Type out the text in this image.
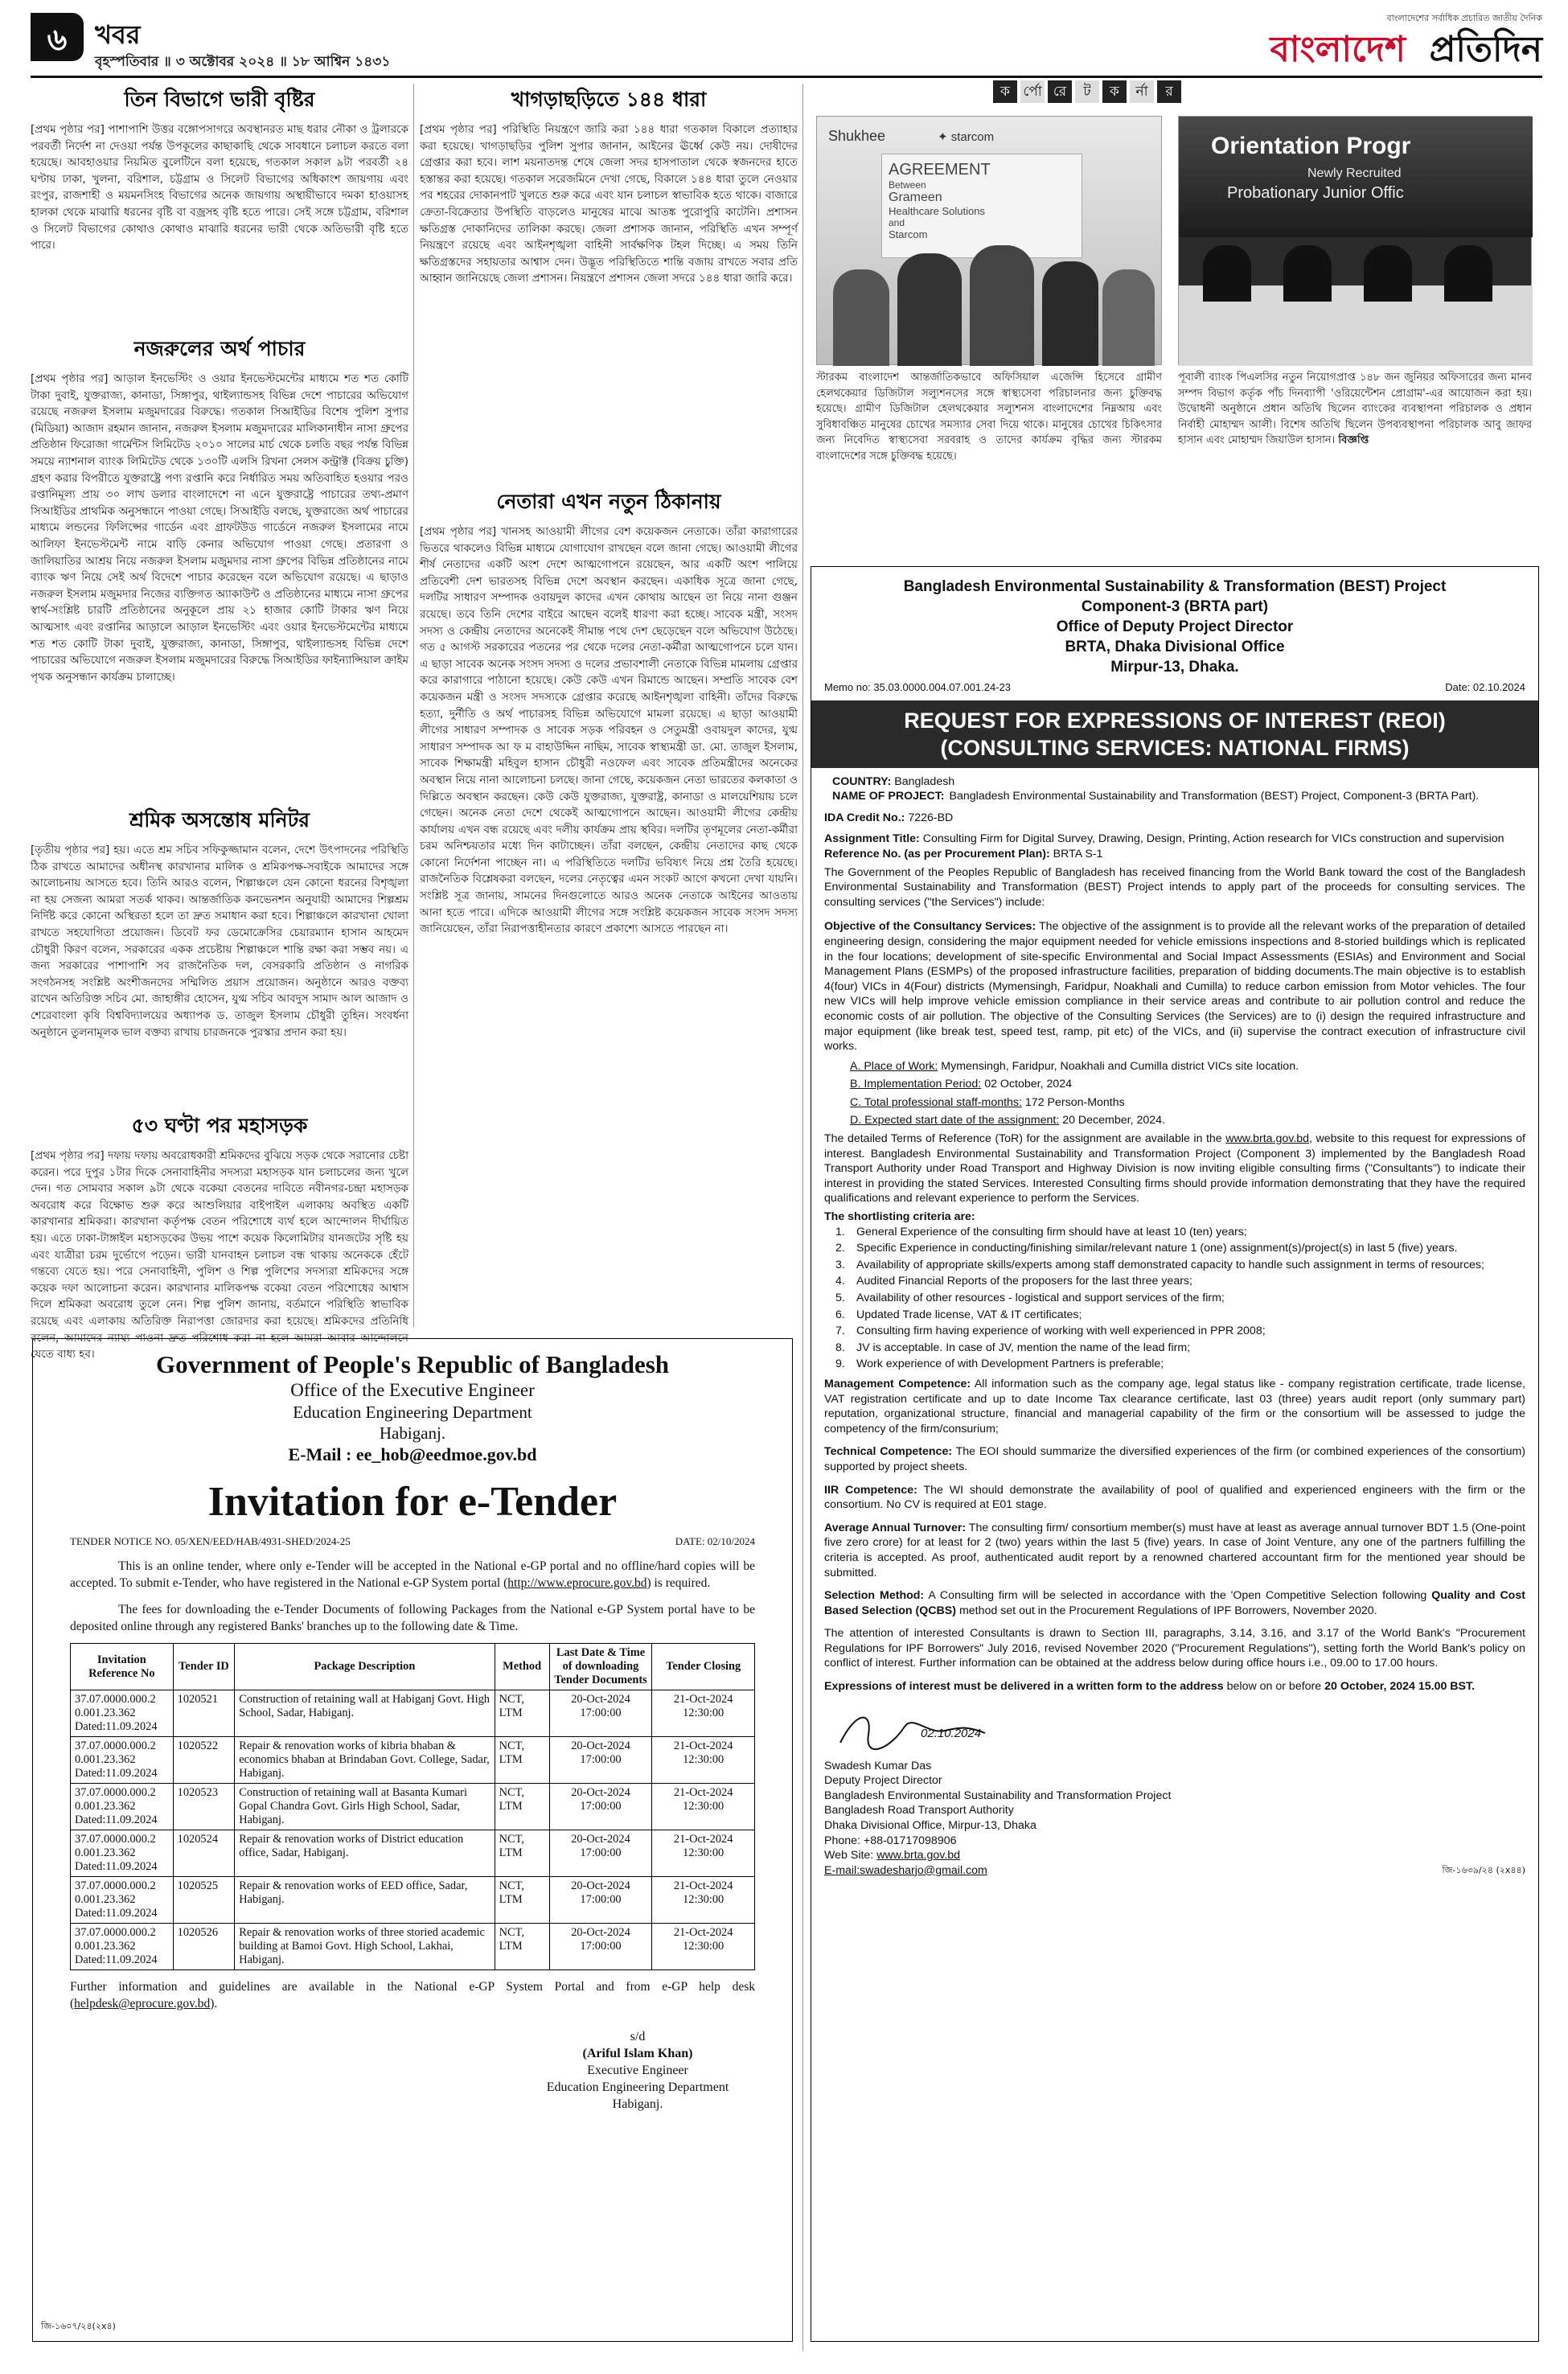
৬	খবর
বৃহস্পতিবার ॥ ৩ অক্টোবর ২০২৪ ॥ ১৮ আশ্বিন ১৪৩১
বাংলাদেশের সর্বাধিক প্রচারিত জাতীয় দৈনিক
বাংলাদেশ প্রতিদিন
তিন বিভাগে ভারী বৃষ্টির

[প্রথম পৃষ্ঠার পর] পাশাপাশি উত্তর বঙ্গোপসাগরে অবস্থানরত মাছ ধরার নৌকা ও ট্রলারকে পরবর্তী নির্দেশ না দেওয়া পর্যন্ত উপকূলের কাছাকাছি থেকে সাবধানে চলাচল করতে বলা হয়েছে। আবহাওয়ার নিয়মিত বুলেটিনে বলা হয়েছে, গতকাল সকাল ৯টা পরবর্তী ২৪ ঘণ্টায় ঢাকা, খুলনা, বরিশাল, চট্টগ্রাম ও সিলেট বিভাগের অধিকাংশ জায়গায় এবং রংপুর, রাজশাহী ও ময়মনসিংহ বিভাগের অনেক জায়গায় অস্থায়ীভাবে দমকা হাওয়াসহ হালকা থেকে মাঝারি ধরনের বৃষ্টি বা বজ্রসহ বৃষ্টি হতে পারে। সেই সঙ্গে চট্টগ্রাম, বরিশাল ও সিলেট বিভাগের কোথাও কোথাও মাঝারি ধরনের ভারী থেকে অতিভারী বৃষ্টি হতে পারে।

নজরুলের অর্থ পাচার

[প্রথম পৃষ্ঠার পর] আড়াল ইনভেস্টিং ও ওয়ার ইনভেস্টমেন্টের মাধ্যমে শত শত কোটি টাকা দুবাই, যুক্তরাজ্য, কানাডা, সিঙ্গাপুর, থাইল্যান্ডসহ বিভিন্ন দেশে পাচারের অভিযোগ রয়েছে নজরুল ইসলাম মজুমদারের বিরুদ্ধে। গতকাল সিআইডির বিশেষ পুলিশ সুপার (মিডিয়া) আজাদ রহমান জানান, নজরুল ইসলাম মজুমদারের মালিকানাধীন নাসা গ্রুপের প্রতিষ্ঠান ফিরোজা গার্মেন্টস লিমিটেড ২০১০ সালের মার্চ থেকে চলতি বছর পর্যন্ত বিভিন্ন সময়ে ন্যাশনাল ব্যাংক লিমিটেড থেকে ১৩০টি এলসি রিখনা সেলস কন্ট্রাক্ট (বিক্রয় চুক্তি) গ্রহণ করার বিপরীতে যুক্তরাষ্ট্রে পণ্য রপ্তানি করে নির্ধারিত সময় অতিবাহিত হওয়ার পরও রপ্তানিমূল্য প্রায় ৩০ লাখ ডলার বাংলাদেশে না এনে যুক্তরাষ্ট্রে পাচারের তথ্য-প্রমাণ সিআইডির প্রাথমিক অনুসন্ধানে পাওয়া গেছে। সিআইডি বলছে, যুক্তরাজ্যে অর্থ পাচারের মাধ্যমে লন্ডনের ফিলিপ্সের গার্ডেন এবং গ্রাফটউড গার্ডেনে নজরুল ইসলামের নামে আলিফা ইনভেস্টমেন্ট নামে বাড়ি কেনার অভিযোগ পাওয়া গেছে। প্রতারণা ও জালিয়াতির আশ্রয় নিয়ে নজরুল ইসলাম মজুমদার নাসা গ্রুপের বিভিন্ন প্রতিষ্ঠানের নামে ব্যাংক ঋণ নিয়ে সেই অর্থ বিদেশে পাচার করেছেন বলে অভিযোগ রয়েছে। এ ছাড়াও নজরুল ইসলাম মজুমদার নিজের ব্যক্তিগত অ্যাকাউন্ট ও প্রতিষ্ঠানের মাধ্যমে নাসা গ্রুপের স্বার্থ-সংশ্লিষ্ট চারটি প্রতিষ্ঠানের অনুকূলে প্রায় ২১ হাজার কোটি টাকার ঋণ নিয়ে আত্মসাৎ এবং রপ্তানির আড়ালে আড়াল ইনভেস্টিং এবং ওয়ার ইনভেস্টমেন্টের মাধ্যমে শত শত কোটি টাকা দুবাই, যুক্তরাজ্য, কানাডা, সিঙ্গাপুর, থাইল্যান্ডসহ বিভিন্ন দেশে পাচারের অভিযোগে নজরুল ইসলাম মজুমদারের বিরুদ্ধে সিআইডির ফাইন্যান্সিয়াল ক্রাইম পৃথক অনুসন্ধান কার্যক্রম চালাচ্ছে।

শ্রমিক অসন্তোষ মনিটর

[তৃতীয় পৃষ্ঠার পর] হয়। এতে শ্রম সচিব সফিকুজ্জামান বলেন, দেশে উৎপাদনের পরিস্থিতি ঠিক রাখতে আমাদের অধীনস্থ কারখানার মালিক ও শ্রমিকপক্ষ-সবাইকে আমাদের সঙ্গে আলোচনায় আসতে হবে। তিনি আরও বলেন, শিল্পাঞ্চলে যেন কোনো ধরনের বিশৃঙ্খলা না হয় সেজন্য আমরা সতর্ক থাকব। আন্তর্জাতিক কনভেনশন অনুযায়ী আমাদের শিল্পশ্রম নির্দিষ্ট করে কোনো অস্থিরতা হলে তা দ্রুত সমাধান করা হবে। শিল্পাঞ্চলে কারখানা খোলা রাখতে সহযোগিতা প্রয়োজন। ডিবেট ফর ডেমোক্রেসির চেয়ারম্যান হাসান আহমেদ চৌধুরী কিরণ বলেন, সরকারের একক প্রচেষ্টায় শিল্পাঞ্চলে শান্তি রক্ষা করা সম্ভব নয়। এ জন্য সরকারের পাশাপাশি সব রাজনৈতিক দল, বেসরকারি প্রতিষ্ঠান ও নাগরিক সংগঠনসহ সংশ্লিষ্ট অংশীজনদের সম্মিলিত প্রয়াস প্রয়োজন। অনুষ্ঠানে আরও বক্তব্য রাখেন অতিরিক্ত সচিব মো. জাহাঙ্গীর হোসেন, যুগ্ম সচিব আবদুস সামাদ আল আজাদ ও শেরেবাংলা কৃষি বিশ্ববিদ্যালয়ের অধ্যাপক ড. তাজুল ইসলাম চৌধুরী তুহিন। সংবর্ধনা অনুষ্ঠানে তুলনামূলক ভাল বক্তব্য রাখায় চারজনকে পুরস্কার প্রদান করা হয়।

৫৩ ঘণ্টা পর মহাসড়ক

[প্রথম পৃষ্ঠার পর] দফায় দফায় অবরোধকারী শ্রমিকদের বুঝিয়ে সড়ক থেকে সরানোর চেষ্টা করেন। পরে দুপুর ১টার দিকে সেনাবাহিনীর সদস্যরা মহাসড়ক যান চলাচলের জন্য খুলে দেন। গত সোমবার সকাল ৯টা থেকে বকেয়া বেতনের দাবিতে নবীনগর-চন্দ্রা মহাসড়ক অবরোধ করে বিক্ষোভ শুরু করে আশুলিয়ার বাইপাইল এলাকায় অবস্থিত একটি কারখানার শ্রমিকরা। কারখানা কর্তৃপক্ষ বেতন পরিশোধে ব্যর্থ হলে আন্দোলন দীর্ঘায়িত হয়। এতে ঢাকা-টাঙ্গাইল মহাসড়কের উভয় পাশে কয়েক কিলোমিটার যানজটের সৃষ্টি হয় এবং যাত্রীরা চরম দুর্ভোগে পড়েন। ভারী যানবাহন চলাচল বন্ধ থাকায় অনেককে হেঁটে গন্তব্যে যেতে হয়। পরে সেনাবাহিনী, পুলিশ ও শিল্প পুলিশের সদস্যরা শ্রমিকদের সঙ্গে কয়েক দফা আলোচনা করেন। কারখানার মালিকপক্ষ বকেয়া বেতন পরিশোধের আশ্বাস দিলে শ্রমিকরা অবরোধ তুলে নেন। শিল্প পুলিশ জানায়, বর্তমানে পরিস্থিতি স্বাভাবিক রয়েছে এবং এলাকায় অতিরিক্ত নিরাপত্তা জোরদার করা হয়েছে। শ্রমিকদের প্রতিনিধি বলেন, আমাদের ন্যায্য পাওনা দ্রুত পরিশোধ করা না হলে আমরা আবার আন্দোলনে যেতে বাধ্য হব।

খাগড়াছড়িতে ১৪৪ ধারা

[প্রথম পৃষ্ঠার পর] পরিস্থিতি নিয়ন্ত্রণে জারি করা ১৪৪ ধারা গতকাল বিকালে প্রত্যাহার করা হয়েছে। খাগড়াছড়ির পুলিশ সুপার জানান, আইনের ঊর্ধ্বে কেউ নয়। দোষীদের গ্রেপ্তার করা হবে। লাশ ময়নাতদন্ত শেষে জেলা সদর হাসপাতাল থেকে স্বজনদের হাতে হস্তান্তর করা হয়েছে। গতকাল সরেজমিনে দেখা গেছে, বিকালে ১৪৪ ধারা তুলে নেওয়ার পর শহরের দোকানপাট খুলতে শুরু করে এবং যান চলাচল স্বাভাবিক হতে থাকে। বাজারে ক্রেতা-বিক্রেতার উপস্থিতি বাড়লেও মানুষের মাঝে আতঙ্ক পুরোপুরি কাটেনি। প্রশাসন ক্ষতিগ্রস্ত দোকানিদের তালিকা করছে। জেলা প্রশাসক জানান, পরিস্থিতি এখন সম্পূর্ণ নিয়ন্ত্রণে রয়েছে এবং আইনশৃঙ্খলা বাহিনী সার্বক্ষণিক টহল দিচ্ছে। এ সময় তিনি ক্ষতিগ্রস্তদের সহায়তার আশ্বাস দেন। উদ্ভূত পরিস্থিতিতে শান্তি বজায় রাখতে সবার প্রতি আহ্বান জানিয়েছে জেলা প্রশাসন। নিয়ন্ত্রণে প্রশাসন জেলা সদরে ১৪৪ ধারা জারি করে।

নেতারা এখন নতুন ঠিকানায়

[প্রথম পৃষ্ঠার পর] খানসহ আওয়ামী লীগের বেশ কয়েকজন নেতাকে। তাঁরা কারাগারের ভিতরে থাকলেও বিভিন্ন মাধ্যমে যোগাযোগ রাখছেন বলে জানা গেছে। আওয়ামী লীগের শীর্ষ নেতাদের একটি অংশ দেশে আত্মগোপনে রয়েছেন, আর একটি অংশ পালিয়ে প্রতিবেশী দেশ ভারতসহ বিভিন্ন দেশে অবস্থান করছেন। একাধিক সূত্রে জানা গেছে, দলটির সাধারণ সম্পাদক ওবায়দুল কাদের এখন কোথায় আছেন তা নিয়ে নানা গুঞ্জন রয়েছে। তবে তিনি দেশের বাইরে আছেন বলেই ধারণা করা হচ্ছে। সাবেক মন্ত্রী, সংসদ সদস্য ও কেন্দ্রীয় নেতাদের অনেকেই সীমান্ত পথে দেশ ছেড়েছেন বলে অভিযোগ উঠেছে। গত ৫ আগস্ট সরকারের পতনের পর থেকে দলের নেতা-কর্মীরা আত্মগোপনে চলে যান। এ ছাড়া সাবেক অনেক সংসদ সদস্য ও দলের প্রভাবশালী নেতাকে বিভিন্ন মামলায় গ্রেপ্তার করে কারাগারে পাঠানো হয়েছে। কেউ কেউ এখন রিমান্ডে আছেন। সম্প্রতি সাবেক বেশ কয়েকজন মন্ত্রী ও সংসদ সদস্যকে গ্রেপ্তার করেছে আইনশৃঙ্খলা বাহিনী। তাঁদের বিরুদ্ধে হত্যা, দুর্নীতি ও অর্থ পাচারসহ বিভিন্ন অভিযোগে মামলা রয়েছে। এ ছাড়া আওয়ামী লীগের সাধারণ সম্পাদক ও সাবেক সড়ক পরিবহন ও সেতুমন্ত্রী ওবায়দুল কাদের, যুগ্ম সাধারণ সম্পাদক আ ফ ম বাহাউদ্দিন নাছিম, সাবেক স্বাস্থ্যমন্ত্রী ডা. মো. তাজুল ইসলাম, সাবেক শিক্ষামন্ত্রী মহিবুল হাসান চৌধুরী নওফেল এবং সাবেক প্রতিমন্ত্রীদের অনেকের অবস্থান নিয়ে নানা আলোচনা চলছে। জানা গেছে, কয়েকজন নেতা ভারতের কলকাতা ও দিল্লিতে অবস্থান করছেন। কেউ কেউ যুক্তরাজ্য, যুক্তরাষ্ট্র, কানাডা ও মালয়েশিয়ায় চলে গেছেন। অনেক নেতা দেশে থেকেই আত্মগোপনে আছেন। আওয়ামী লীগের কেন্দ্রীয় কার্যালয় এখন বন্ধ রয়েছে এবং দলীয় কার্যক্রম প্রায় স্থবির। দলটির তৃণমূলের নেতা-কর্মীরা চরম অনিশ্চয়তার মধ্যে দিন কাটাচ্ছেন। তাঁরা বলছেন, কেন্দ্রীয় নেতাদের কাছ থেকে কোনো নির্দেশনা পাচ্ছেন না। এ পরিস্থিতিতে দলটির ভবিষ্যৎ নিয়ে প্রশ্ন তৈরি হয়েছে। রাজনৈতিক বিশ্লেষকরা বলছেন, দলের নেতৃত্বের এমন সংকট আগে কখনো দেখা যায়নি। সংশ্লিষ্ট সূত্র জানায়, সামনের দিনগুলোতে আরও অনেক নেতাকে আইনের আওতায় আনা হতে পারে। এদিকে আওয়ামী লীগের সঙ্গে সংশ্লিষ্ট কয়েকজন সাবেক সংসদ সদস্য জানিয়েছেন, তাঁরা নিরাপত্তাহীনতার কারণে প্রকাশ্যে আসতে পারছেন না।

ক র্পো রে	ট	ক	র্না	র
Shukhee	✦ starcom
AGREEMENT
Between
Grameen
Healthcare Solutions
and
Starcom

স্টারকম বাংলাদেশ আন্তর্জাতিকভাবে অফিসিয়াল এজেন্সি হিসেবে গ্রামীণ হেলথকেয়ার ডিজিটাল সল্যুশনসের সঙ্গে স্বাস্থ্যসেবা পরিচালনার জন্য চুক্তিবদ্ধ হয়েছে। গ্রামীণ ডিজিটাল হেলথকেয়ার সল্যুশনস বাংলাদেশের নিম্নআয় এবং সুবিধাবঞ্চিত মানুষের চোখের সমস্যার সেবা দিয়ে থাকে। মানুষের চোখের চিকিৎসার জন্য নিবেদিত স্বাস্থ্যসেবা সরবরাহ ও তাদের কার্যক্রম বৃদ্ধির জন্য স্টারকম বাংলাদেশের সঙ্গে চুক্তিবদ্ধ হয়েছে।

Orientation Progr
Newly Recruited
Probationary Junior Offic

পূবালী ব্যাংক পিএলসির নতুন নিয়োগপ্রাপ্ত ১৪৮ জন জুনিয়র অফিসারের জন্য মানব সম্পদ বিভাগ কর্তৃক পাঁচ দিনব্যাপী 'ওরিয়েন্টেশন প্রোগ্রাম'-এর আয়োজন করা হয়। উদ্বোধনী অনুষ্ঠানে প্রধান অতিথি ছিলেন ব্যাংকের ব্যবস্থাপনা পরিচালক ও প্রধান নির্বাহী মোহাম্মদ আলী। বিশেষ অতিথি ছিলেন উপব্যবস্থাপনা পরিচালক আবু জাফর হাসান এবং মোহাম্মদ জিয়াউল হাসান। বিজ্ঞপ্তি

Bangladesh Environmental Sustainability & Transformation (BEST) Project
Component-3 (BRTA part)
Office of Deputy Project Director
BRTA, Dhaka Divisional Office
Mirpur-13, Dhaka.
Memo no: 35.03.0000.004.07.001.24-23	Date: 02.10.2024
REQUEST FOR EXPRESSIONS OF INTEREST (REOI)
(CONSULTING SERVICES: NATIONAL FIRMS)
COUNTRY: Bangladesh
NAME OF PROJECT: Bangladesh Environmental Sustainability and Transformation (BEST) Project, Component-3 (BRTA Part).
IDA Credit No.: 7226-BD
Assignment Title: Consulting Firm for Digital Survey, Drawing, Design, Printing, Action research for VICs construction and supervision
Reference No. (as per Procurement Plan): BRTA S-1

The Government of the Peoples Republic of Bangladesh has received financing from the World Bank toward the cost of the Bangladesh Environmental Sustainability and Transformation (BEST) Project intends to apply part of the proceeds for consulting services. The consulting services ("the Services") include:

Objective of the Consultancy Services: The objective of the assignment is to provide all the relevant works of the preparation of detailed engineering design, considering the major equipment needed for vehicle emissions inspections and 8-storied buildings which is replicated in the four locations; development of site-specific Environmental and Social Impact Assessments (ESIAs) and Environment and Social Management Plans (ESMPs) of the proposed infrastructure facilities, preparation of bidding documents.The main objective is to establish 4(four) VICs in 4(Four) districts (Mymensingh, Faridpur, Noakhali and Cumilla) to reduce carbon emission from Motor vehicles. The four new VICs will help improve vehicle emission compliance in their service areas and contribute to air pollution control and reduce the economic costs of air pollution. The objective of the Consulting Services (the Services) are to (i) design the required infrastructure and major equipment (like break test, speed test, ramp, pit etc) of the VICs, and (ii) supervise the contract execution of infrastructure civil works.

A. Place of Work: Mymensingh, Faridpur, Noakhali and Cumilla district VICs site location.
B. Implementation Period: 02 October, 2024
C. Total professional staff-months: 172 Person-Months
D. Expected start date of the assignment: 20 December, 2024.

The detailed Terms of Reference (ToR) for the assignment are available in the www.brta.gov.bd, website to this request for expressions of interest. Bangladesh Environmental Sustainability and Transformation Project (Component 3) implemented by the Bangladesh Road Transport Authority under Road Transport and Highway Division is now inviting eligible consulting firms ("Consultants") to indicate their interest in providing the stated Services. Interested Consulting firms should provide information demonstrating that they have the required qualifications and relevant experience to perform the Services.

The shortlisting criteria are:
1. General Experience of the consulting firm should have at least 10 (ten) years;
2. Specific Experience in conducting/finishing similar/relevant nature 1 (one) assignment(s)/project(s) in last 5 (five) years.
3. Availability of appropriate skills/experts among staff demonstrated capacity to handle such assignment in terms of resources;
4. Audited Financial Reports of the proposers for the last three years;
5. Availability of other resources - logistical and support services of the firm;
6. Updated Trade license, VAT & IT certificates;
7. Consulting firm having experience of working with well experienced in PPR 2008;
8. JV is acceptable. In case of JV, mention the name of the lead firm;
9. Work experience of with Development Partners is preferable;

Management Competence: All information such as the company age, legal status like - company registration certificate, trade license, VAT registration certificate and up to date Income Tax clearance certificate, last 03 (three) years audit report (only summary part) reputation, organizational structure, financial and managerial capability of the firm or the consortium will be assessed to judge the competency of the firm/consurium;

Technical Competence: The EOI should summarize the diversified experiences of the firm (or combined experiences of the consortium) supported by project sheets.

IIR Competence: The WI should demonstrate the availability of pool of qualified and experienced engineers with the firm or the consortium. No CV is required at E01 stage.

Average Annual Turnover: The consulting firm/ consortium member(s) must have at least as average annual turnover BDT 1.5 (One-point five zero crore) for at least for 2 (two) years within the last 5 (five) years. In case of Joint Venture, any one of the partners fulfilling the criteria is accepted. As proof, authenticated audit report by a renowned chartered accountant firm for the mentioned year should be submitted.

Selection Method: A Consulting firm will be selected in accordance with the 'Open Competitive Selection following Quality and Cost Based Selection (QCBS) method set out in the Procurement Regulations of IPF Borrowers, November 2020.

The attention of interested Consultants is drawn to Section III, paragraphs, 3.14, 3.16, and 3.17 of the World Bank's "Procurement Regulations for IPF Borrowers" July 2016, revised November 2020 ("Procurement Regulations"), setting forth the World Bank's policy on conflict of interest. Further information can be obtained at the address below during office hours i.e., 09.00 to 17.00 hours.

Expressions of interest must be delivered in a written form to the address below on or before 20 October, 2024 15.00 BST.

02.10.2024
Swadesh Kumar Das
Deputy Project Director
Bangladesh Environmental Sustainability and Transformation Project
Bangladesh Road Transport Authority
Dhaka Divisional Office, Mirpur-13, Dhaka
Phone: +88-01717098906
Web Site: www.brta.gov.bd
E-mail:swadesharjo@gmail.com	জি-১৬৩৯/২৪ (২x৪৪)
Government of People's Republic of Bangladesh
Office of the Executive Engineer
Education Engineering Department
Habiganj.
E-Mail : ee_hob@eedmoe.gov.bd
Invitation for e-Tender
TENDER NOTICE NO. 05/XEN/EED/HAB/4931-SHED/2024-25	DATE: 02/10/2024

This is an online tender, where only e-Tender will be accepted in the National e-GP portal and no offline/hard copies will be accepted. To submit e-Tender, who have registered in the National e-GP System portal (http://www.eprocure.gov.bd) is required.

The fees for downloading the e-Tender Documents of following Packages from the National e-GP System portal have to be deposited online through any registered Banks' branches up to the following date & Time.

Invitation Reference No	Tender ID	Package Description	Method	Last Date & Time of downloading Tender Documents	Tender Closing
37.07.0000.000.2 0.001.23.362 Dated:11.09.2024	1020521	Construction of retaining wall at Habiganj Govt. High School, Sadar, Habiganj.	NCT, LTM	20-Oct-2024 17:00:00	21-Oct-2024 12:30:00
37.07.0000.000.2 0.001.23.362 Dated:11.09.2024	1020522	Repair & renovation works of kibria bhaban & economics bhaban at Brindaban Govt. College, Sadar, Habiganj.	NCT, LTM	20-Oct-2024 17:00:00	21-Oct-2024 12:30:00
37.07.0000.000.2 0.001.23.362 Dated:11.09.2024	1020523	Construction of retaining wall at Basanta Kumari Gopal Chandra Govt. Girls High School, Sadar, Habiganj.	NCT, LTM	20-Oct-2024 17:00:00	21-Oct-2024 12:30:00
37.07.0000.000.2 0.001.23.362 Dated:11.09.2024	1020524	Repair & renovation works of District education office, Sadar, Habiganj.	NCT, LTM	20-Oct-2024 17:00:00	21-Oct-2024 12:30:00
37.07.0000.000.2 0.001.23.362 Dated:11.09.2024	1020525	Repair & renovation works of EED office, Sadar, Habiganj.	NCT, LTM	20-Oct-2024 17:00:00	21-Oct-2024 12:30:00
37.07.0000.000.2 0.001.23.362 Dated:11.09.2024	1020526	Repair & renovation works of three storied academic building at Bamoi Govt. High School, Lakhai, Habiganj.	NCT, LTM	20-Oct-2024 17:00:00	21-Oct-2024 12:30:00

Further information and guidelines are available in the National e-GP System Portal and from e-GP help desk (helpdesk@eprocure.gov.bd).

s/d
(Ariful Islam Khan)
Executive Engineer
Education Engineering Department
Habiganj.
জি-১৬০৭/২৪(২x৪)
